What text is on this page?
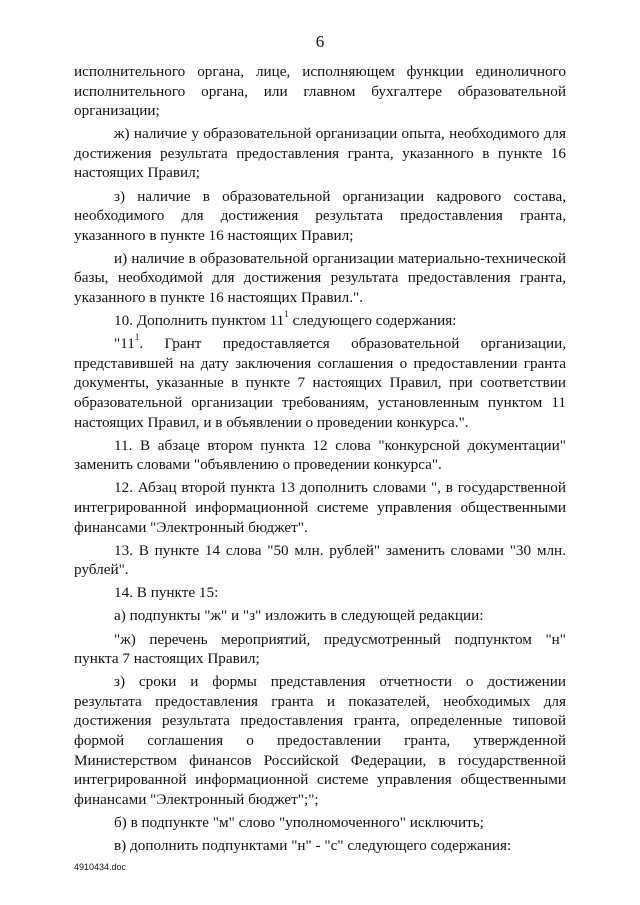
6
исполнительного органа, лице, исполняющем функции единоличного
исполнительного органа, или главном бухгалтере образовательной
организации;
ж) наличие у образовательной организации опыта, необходимого для
достижения результата предоставления гранта, указанного в пункте 16
настоящих Правил;
з) наличие в образовательной организации кадрового состава,
необходимого для достижения результата предоставления гранта,
указанного в пункте 16 настоящих Правил;
и) наличие в образовательной организации материально-технической
базы, необходимой для достижения результата предоставления гранта,
указанного в пункте 16 настоящих Правил.".
10. Дополнить пунктом $11^1$ следующего содержания:
"$11^1$. Грант предоставляется образовательной организации,
представившей на дату заключения соглашения о предоставлении гранта
документы, указанные в пункте 7 настоящих Правил, при соответствии
образовательной организации требованиям, установленным пунктом 11
настоящих Правил, и в объявлении о проведении конкурса.".
11. В абзаце втором пункта 12 слова "конкурсной документации"
заменить словами "объявлению о проведении конкурса".
12. Абзац второй пункта 13 дополнить словами ", в государственной
интегрированной информационной системе управления общественными
финансами "Электронный бюджет".
13. В пункте 14 слова "50 млн. рублей" заменить словами "30 млн.
рублей".
14. В пункте 15:
а) подпункты "ж" и "з" изложить в следующей редакции:
"ж) перечень мероприятий, предусмотренный подпунктом "н"
пункта 7 настоящих Правил;
з) сроки и формы представления отчетности о достижении
результата предоставления гранта и показателей, необходимых для
достижения результата предоставления гранта, определенные типовой
формой соглашения о предоставлении гранта, утвержденной
Министерством финансов Российской Федерации, в государственной
интегрированной информационной системе управления общественными
финансами "Электронный бюджет";";
б) в подпункте "м" слово "уполномоченного" исключить;
в) дополнить подпунктами "н" - "с" следующего содержания:
4910434.doc
